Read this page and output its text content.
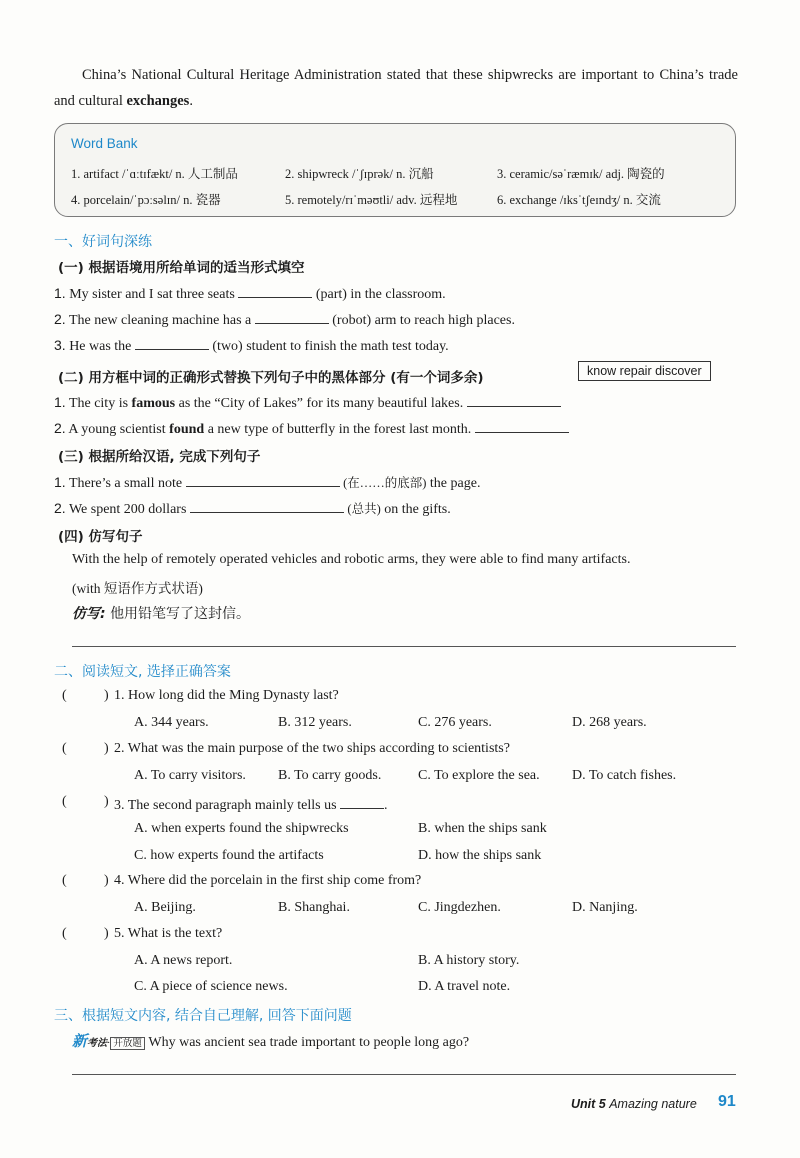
China’s National Cultural Heritage Administration stated that these shipwrecks are important to China’s trade and cultural exchanges.
Word Bank
1. artifact /ˈɑːtɪfækt/ n. 人工制品	2. shipwreck /ˈʃɪprək/ n. 沉船	3. ceramic/səˈræmɪk/ adj. 陶瓷的
4. porcelain/ˈpɔːsəlɪn/ n. 瓷器	5. remotely/rɪˈməʊtli/ adv. 远程地	6. exchange /ɪksˈtʃeɪndʒ/ n. 交流
一、好词句深练
(一) 根据语境用所给单词的适当形式填空
1. My sister and I sat three seats	(part) in the classroom.
2. The new cleaning machine has a	(robot) arm to reach high places.
3. He was the	(two) student to finish the math test today.
(二) 用方框中词的正确形式替换下列句子中的黑体部分 (有一个词多余)	know repair discover
1. The city is famous as the “City of Lakes” for its many beautiful lakes.
2. A young scientist found a new type of butterfly in the forest last month.
(三) 根据所给汉语, 完成下列句子
1. There’s a small note	(在……的底部) the page.
2. We spent 200 dollars	(总共) on the gifts.
(四) 仿写句子
With the help of remotely operated vehicles and robotic arms, they were able to find many artifacts.
(with 短语作方式状语)
仿写: 他用铅笔写了这封信。
二、阅读短文, 选择正确答案
(	) 1. How long did the Ming Dynasty last?
A. 344 years.	B. 312 years.	C. 276 years.	D. 268 years.
(	) 2. What was the main purpose of the two ships according to scientists?
A. To carry visitors. B. To carry goods.	C. To explore the sea. D. To catch fishes.
(	) 3. The second paragraph mainly tells us	.
A. when experts found the shipwrecks	B. when the ships sank
C. how experts found the artifacts	D. how the ships sank
(	) 4. Where did the porcelain in the first ship come from?
A. Beijing.	B. Shanghai.	C. Jingdezhen.	D. Nanjing.
(	) 5. What is the text?
A. A news report.	B. A history story.
C. A piece of science news.	D. A travel note.
三、根据短文内容, 结合自己理解, 回答下面问题
新考法· 开放题 Why was ancient sea trade important to people long ago?
Unit 5 Amazing nature 91
